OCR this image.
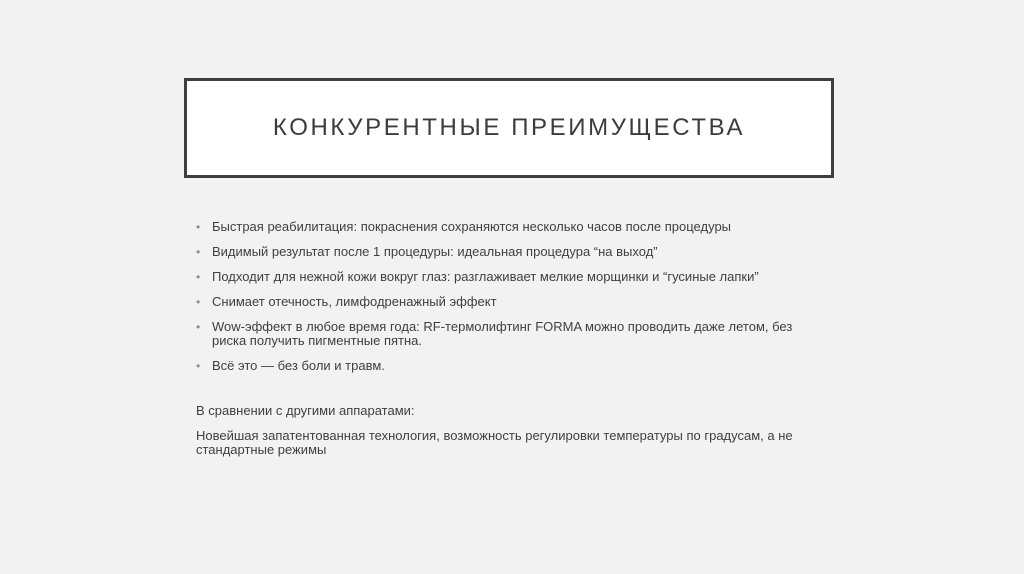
КОНКУРЕНТНЫЕ ПРЕИМУЩЕСТВА
• Быстрая реабилитация: покраснения сохраняются несколько часов после процедуры
• Видимый результат после 1 процедуры: идеальная процедура “на выход”
• Подходит для нежной кожи вокруг глаз: разглаживает мелкие морщинки и “гусиные лапки”
• Снимает отечность, лимфодренажный эффект
• Wow-эффект в любое время года: RF-термолифтинг FORMA можно проводить даже летом, без риска получить пигментные пятна.
• Всё это — без боли и травм.

В сравнении с другими аппаратами:

Новейшая запатентованная технология, возможность регулировки температуры по градусам, а не стандартные режимы
